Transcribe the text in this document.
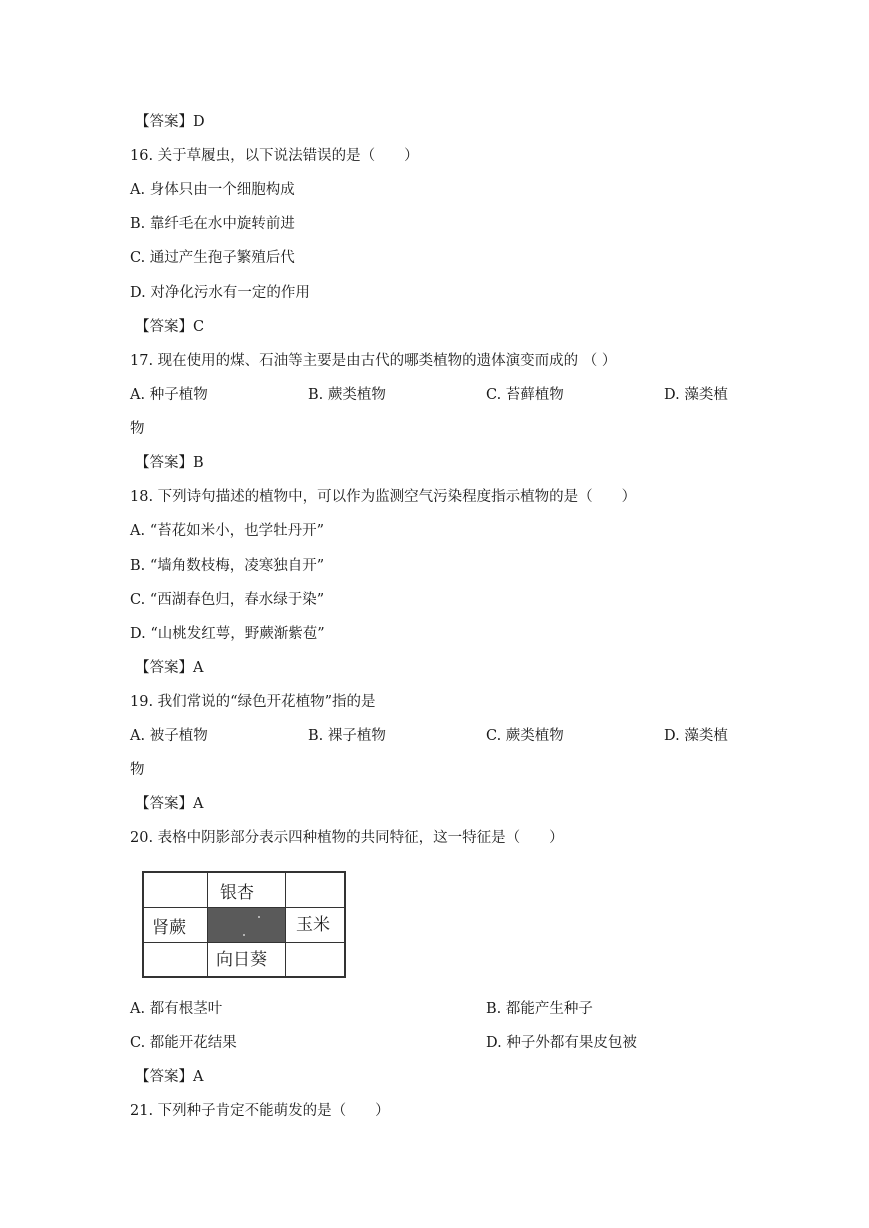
【答案】D
16. 关于草履虫，以下说法错误的是（　　）
A. 身体只由一个细胞构成
B. 靠纤毛在水中旋转前进
C. 通过产生孢子繁殖后代
D. 对净化污水有一定的作用
【答案】C
17. 现在使用的煤、石油等主要是由古代的哪类植物的遗体演变而成的 （ ）
A. 种子植物	B. 蕨类植物	C. 苔藓植物	D. 藻类植
物
【答案】B
18. 下列诗句描述的植物中，可以作为监测空气污染程度指示植物的是（　　）
A. “苔花如米小，也学牡丹开”
B. “墙角数枝梅，凌寒独自开”
C. “西湖春色归，春水绿于染”
D. “山桃发红萼，野蕨渐紫苞”
【答案】A
19. 我们常说的“绿色开花植物”指的是
A. 被子植物	B. 裸子植物	C. 蕨类植物	D. 藻类植
物
【答案】A
20. 表格中阴影部分表示四种植物的共同特征，这一特征是（　　）
银杏
肾蕨	玉米
向日葵
A. 都有根茎叶	B. 都能产生种子
C. 都能开花结果	D. 种子外都有果皮包被
【答案】A
21. 下列种子肯定不能萌发的是（　　）
